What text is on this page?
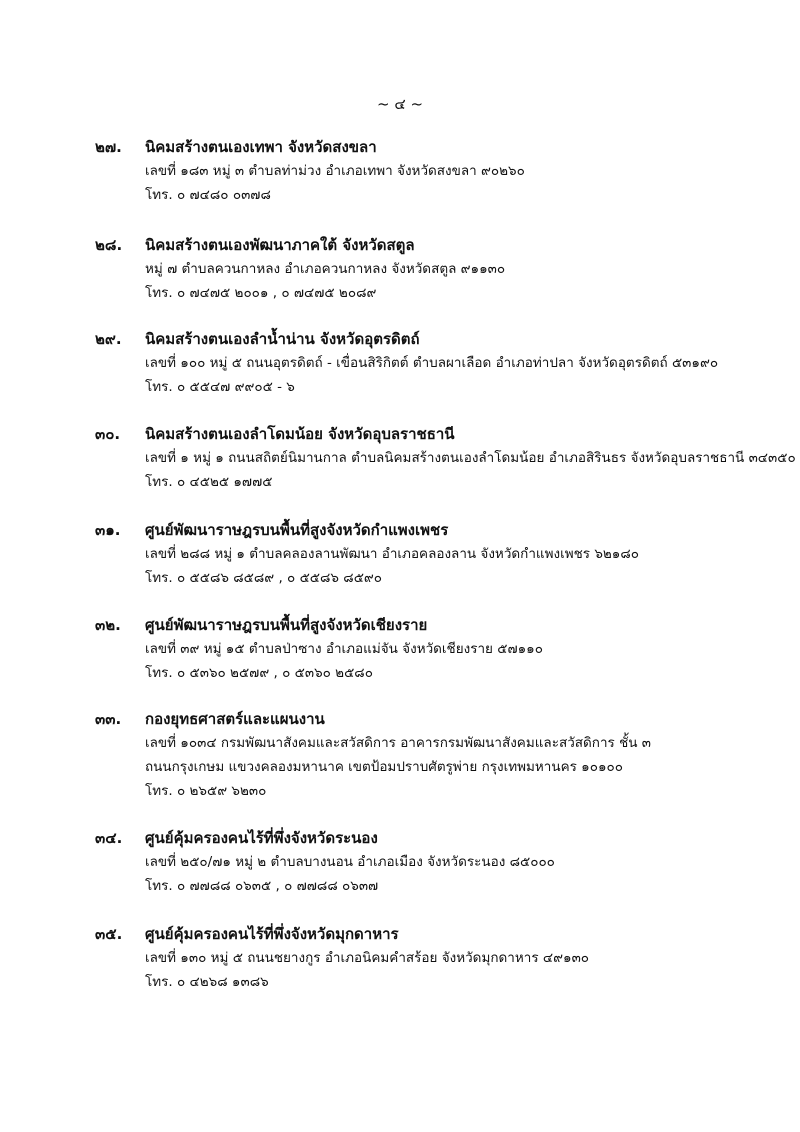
~ ๔ ~
๒๗. นิคมสร้างตนเองเทพา จังหวัดสงขลา
เลขที่ ๑๘๓ หมู่ ๓ ตำบลท่าม่วง อำเภอเทพา จังหวัดสงขลา ๙๐๒๖๐
โทร. ๐ ๗๔๘๐ ๐๓๗๘
๒๘. นิคมสร้างตนเองพัฒนาภาคใต้ จังหวัดสตูล
หมู่ ๗ ตำบลควนกาหลง อำเภอควนกาหลง จังหวัดสตูล ๙๑๑๓๐
โทร. ๐ ๗๔๗๕ ๒๐๐๑ , ๐ ๗๔๗๕ ๒๐๘๙
๒๙. นิคมสร้างตนเองลำน้ำน่าน จังหวัดอุตรดิตถ์
เลขที่ ๑๐๐ หมู่ ๕ ถนนอุตรดิตถ์ - เขื่อนสิริกิตต์ ตำบลผาเลือด อำเภอท่าปลา จังหวัดอุตรดิตถ์ ๕๓๑๙๐
โทร. ๐ ๕๕๔๗ ๙๙๐๕ - ๖
๓๐. นิคมสร้างตนเองลำโดมน้อย จังหวัดอุบลราชธานี
เลขที่ ๑ หมู่ ๑ ถนนสถิตย์นิมานกาล ตำบลนิคมสร้างตนเองลำโดมน้อย อำเภอสิรินธร จังหวัดอุบลราชธานี ๓๔๓๕๐
โทร. ๐ ๔๕๒๕ ๑๗๗๕
๓๑. ศูนย์พัฒนาราษฎรบนพื้นที่สูงจังหวัดกำแพงเพชร
เลขที่ ๒๘๘ หมู่ ๑ ตำบลคลองลานพัฒนา อำเภอคลองลาน จังหวัดกำแพงเพชร ๖๒๑๘๐
โทร. ๐ ๕๕๘๖ ๘๕๘๙ , ๐ ๕๕๘๖ ๘๕๙๐
๓๒. ศูนย์พัฒนาราษฎรบนพื้นที่สูงจังหวัดเชียงราย
เลขที่ ๓๙ หมู่ ๑๕ ตำบลป่าซาง อำเภอแม่จัน จังหวัดเชียงราย ๕๗๑๑๐
โทร. ๐ ๕๓๖๐ ๒๕๗๙ , ๐ ๕๓๖๐ ๒๕๘๐
๓๓. กองยุทธศาสตร์และแผนงาน
เลขที่ ๑๐๓๔ กรมพัฒนาสังคมและสวัสดิการ อาคารกรมพัฒนาสังคมและสวัสดิการ ชั้น ๓
ถนนกรุงเกษม แขวงคลองมหานาค เขตป้อมปราบศัตรูพ่าย กรุงเทพมหานคร ๑๐๑๐๐
โทร. ๐ ๒๖๕๙ ๖๒๓๐
๓๔. ศูนย์คุ้มครองคนไร้ที่พึ่งจังหวัดระนอง
เลขที่ ๒๕๐/๗๑ หมู่ ๒ ตำบลบางนอน อำเภอเมือง จังหวัดระนอง ๘๕๐๐๐
โทร. ๐ ๗๗๘๘ ๐๖๓๕ , ๐ ๗๗๘๘ ๐๖๓๗
๓๕. ศูนย์คุ้มครองคนไร้ที่พึ่งจังหวัดมุกดาหาร
เลขที่ ๑๓๐ หมู่ ๕ ถนนชยางกูร อำเภอนิคมคำสร้อย จังหวัดมุกดาหาร ๔๙๑๓๐
โทร. ๐ ๔๒๖๘ ๑๓๘๖
